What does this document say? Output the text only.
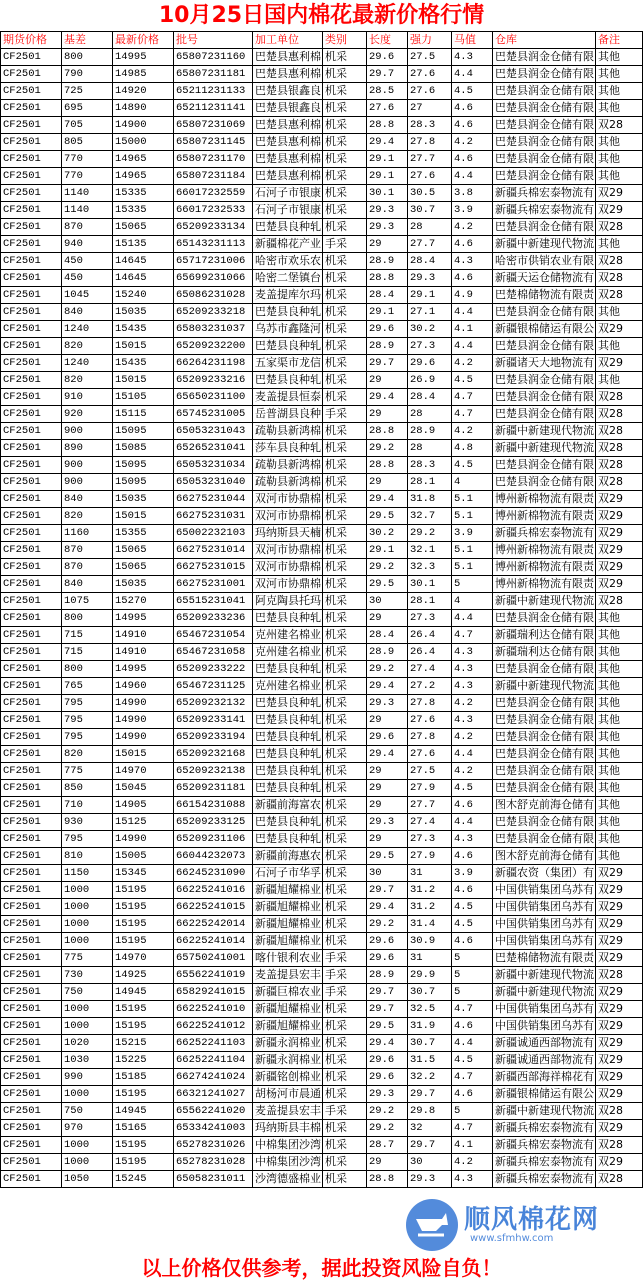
10月25日国内棉花最新价格行情
期货价格	基差	最新价格	批号	加工单位	类别	长度	强力	马值	仓库	备注
CF2501	800	14995	65807231160	巴楚县惠利棉	机采	29.6	27.5	4.3	巴楚县润金仓储有限	其他
CF2501	790	14985	65807231181	巴楚县惠利棉	机采	29.7	27.6	4.4	巴楚县润金仓储有限	其他
CF2501	725	14920	65211231133	巴楚县银鑫良	机采	28.5	27.6	4.5	巴楚县润金仓储有限	其他
CF2501	695	14890	65211231141	巴楚县银鑫良	机采	27.6	27	4.6	巴楚县润金仓储有限	其他
CF2501	705	14900	65807231069	巴楚县惠利棉	机采	28.8	28.3	4.6	巴楚县润金仓储有限	双28
CF2501	805	15000	65807231145	巴楚县惠利棉	机采	29.4	27.8	4.2	巴楚县润金仓储有限	其他
CF2501	770	14965	65807231170	巴楚县惠利棉	机采	29.1	27.7	4.6	巴楚县润金仓储有限	其他
CF2501	770	14965	65807231184	巴楚县惠利棉	机采	29.1	27.6	4.4	巴楚县润金仓储有限	其他
CF2501	1140	15335	66017232559	石河子市银康	机采	30.1	30.5	3.8	新疆兵棉宏泰物流有	双29
CF2501	1140	15335	66017232533	石河子市银康	机采	29.3	30.7	3.9	新疆兵棉宏泰物流有	双29
CF2501	870	15065	65209233134	巴楚县良种轧	机采	29.3	28	4.2	巴楚县润金仓储有限	双28
CF2501	940	15135	65143231113	新疆棉花产业	手采	29	27.7	4.6	新疆中新建现代物流	其他
CF2501	450	14645	65717231006	哈密市欢乐农	机采	28.9	28.4	4.3	哈密市供销农业有限	双28
CF2501	450	14645	65699231066	哈密二堡镇台	机采	28.8	29.3	4.6	新疆天运仓储物流有	双28
CF2501	1045	15240	65086231028	麦盖提库尔玛	机采	28.4	29.1	4.9	巴楚棉储物流有限责	双28
CF2501	840	15035	65209233218	巴楚县良种轧	机采	29.1	27.1	4.4	巴楚县润金仓储有限	其他
CF2501	1240	15435	65803231037	乌苏市鑫隆河	机采	29.6	30.2	4.1	新疆银棉储运有限公	双29
CF2501	820	15015	65209232200	巴楚县良种轧	机采	28.9	27.3	4.4	巴楚县润金仓储有限	其他
CF2501	1240	15435	66264231198	五家渠市龙信	机采	29.7	29.6	4.2	新疆诸天大地物流有	双29
CF2501	820	15015	65209233216	巴楚县良种轧	机采	29	26.9	4.5	巴楚县润金仓储有限	其他
CF2501	910	15105	65650231100	麦盖提县恒泰	机采	29.4	28.4	4.7	巴楚县润金仓储有限	双28
CF2501	920	15115	65745231005	岳普湖县良种	手采	29	28	4.7	巴楚县润金仓储有限	双28
CF2501	900	15095	65053231043	疏勒县新鸿棉	机采	28.8	28.9	4.2	新疆中新建现代物流	双28
CF2501	890	15085	65265231041	莎车县良种轧	机采	29.2	28	4.8	新疆中新建现代物流	双28
CF2501	900	15095	65053231034	疏勒县新鸿棉	机采	28.8	28.3	4.5	巴楚县润金仓储有限	双28
CF2501	900	15095	65053231040	疏勒县新鸿棉	机采	29	28.1	4	巴楚县润金仓储有限	双28
CF2501	840	15035	66275231044	双河市协鼎棉	机采	29.4	31.8	5.1	博州新棉物流有限责	双29
CF2501	820	15015	66275231031	双河市协鼎棉	机采	29.5	32.7	5.1	博州新棉物流有限责	双29
CF2501	1160	15355	65002232103	玛纳斯县天楠	机采	30.2	29.2	3.9	新疆兵棉宏泰物流有	双29
CF2501	870	15065	66275231014	双河市协鼎棉	机采	29.1	32.1	5.1	博州新棉物流有限责	双29
CF2501	870	15065	66275231015	双河市协鼎棉	机采	29.2	32.3	5.1	博州新棉物流有限责	双29
CF2501	840	15035	66275231001	双河市协鼎棉	机采	29.5	30.1	5	博州新棉物流有限责	双29
CF2501	1075	15270	65515231041	阿克陶县托玛	机采	30	28.1	4	新疆中新建现代物流	双28
CF2501	800	14995	65209233236	巴楚县良种轧	机采	29	27.3	4.4	巴楚县润金仓储有限	其他
CF2501	715	14910	65467231054	克州建名棉业	机采	28.4	26.4	4.7	新疆瑞利达仓储有限	其他
CF2501	715	14910	65467231058	克州建名棉业	机采	28.9	26.4	4.3	新疆瑞利达仓储有限	其他
CF2501	800	14995	65209233222	巴楚县良种轧	机采	29.2	27.4	4.3	巴楚县润金仓储有限	其他
CF2501	765	14960	65467231125	克州建名棉业	机采	29.4	27.2	4.3	新疆中新建现代物流	其他
CF2501	795	14990	65209232132	巴楚县良种轧	机采	29.3	27.8	4.2	巴楚县润金仓储有限	其他
CF2501	795	14990	65209233141	巴楚县良种轧	机采	29	27.6	4.3	巴楚县润金仓储有限	其他
CF2501	795	14990	65209233194	巴楚县良种轧	机采	29.6	27.8	4.2	巴楚县润金仓储有限	其他
CF2501	820	15015	65209232168	巴楚县良种轧	机采	29.4	27.6	4.4	巴楚县润金仓储有限	其他
CF2501	775	14970	65209232138	巴楚县良种轧	机采	29	27.5	4.2	巴楚县润金仓储有限	其他
CF2501	850	15045	65209231181	巴楚县良种轧	机采	29	27.9	4.5	巴楚县润金仓储有限	其他
CF2501	710	14905	66154231088	新疆前海富农	机采	29	27.7	4.6	图木舒克前海仓储有	其他
CF2501	930	15125	65209233125	巴楚县良种轧	机采	29.3	27.4	4.4	巴楚县润金仓储有限	其他
CF2501	795	14990	65209231106	巴楚县良种轧	机采	29	27.3	4.3	巴楚县润金仓储有限	其他
CF2501	810	15005	66044232073	新疆前海惠农	机采	29.5	27.9	4.6	图木舒克前海仓储有	其他
CF2501	1150	15345	66245231090	石河子市华孚	机采	30	31	3.9	新疆农资（集团）有	双29
CF2501	1000	15195	66225241016	新疆旭耀棉业	机采	29.7	31.2	4.6	中国供销集团乌苏有	双29
CF2501	1000	15195	66225241015	新疆旭耀棉业	机采	29.4	31.2	4.5	中国供销集团乌苏有	双29
CF2501	1000	15195	66225242014	新疆旭耀棉业	机采	29.2	31.4	4.5	中国供销集团乌苏有	双29
CF2501	1000	15195	66225241014	新疆旭耀棉业	机采	29.6	30.9	4.6	中国供销集团乌苏有	双29
CF2501	775	14970	65750241001	喀什银利农业	手采	29.6	31	5	巴楚棉储物流有限责	双29
CF2501	730	14925	65562241019	麦盖提县宏丰	手采	28.9	29.9	5	新疆中新建现代物流	双28
CF2501	750	14945	65829241015	新疆巨棉农业	手采	29.7	30.7	5	新疆中新建现代物流	双29
CF2501	1000	15195	66225241010	新疆旭耀棉业	机采	29.7	32.5	4.7	中国供销集团乌苏有	双29
CF2501	1000	15195	66225241012	新疆旭耀棉业	机采	29.5	31.9	4.6	中国供销集团乌苏有	双29
CF2501	1020	15215	66252241103	新疆永润棉业	机采	29.4	30.7	4.4	新疆诚通西部物流有	双29
CF2501	1030	15225	66252241104	新疆永润棉业	机采	29.6	31.5	4.5	新疆诚通西部物流有	双29
CF2501	990	15185	66274241024	新疆铭创棉业	机采	29.6	32.2	4.7	新疆西部海祥棉花有	双29
CF2501	1000	15195	66321241027	胡杨河市晨通	机采	29.3	29.7	4.6	新疆银棉储运有限公	双29
CF2501	750	14945	65562241020	麦盖提县宏丰	手采	29.2	29.8	5	新疆中新建现代物流	双28
CF2501	970	15165	65334241003	玛纳斯县丰棉	机采	29.2	32	4.7	新疆兵棉宏泰物流有	双29
CF2501	1000	15195	65278231026	中棉集团沙湾	机采	28.7	29.7	4.1	新疆兵棉宏泰物流有	双28
CF2501	1000	15195	65278231028	中棉集团沙湾	机采	29	30	4.2	新疆兵棉宏泰物流有	双29
CF2501	1050	15245	65058231011	沙湾德盛棉业	机采	28.8	29.3	4.3	新疆兵棉宏泰物流有	双28
顺风棉花网
www.sfmhw.com
以上价格仅供参考，据此投资风险自负！
